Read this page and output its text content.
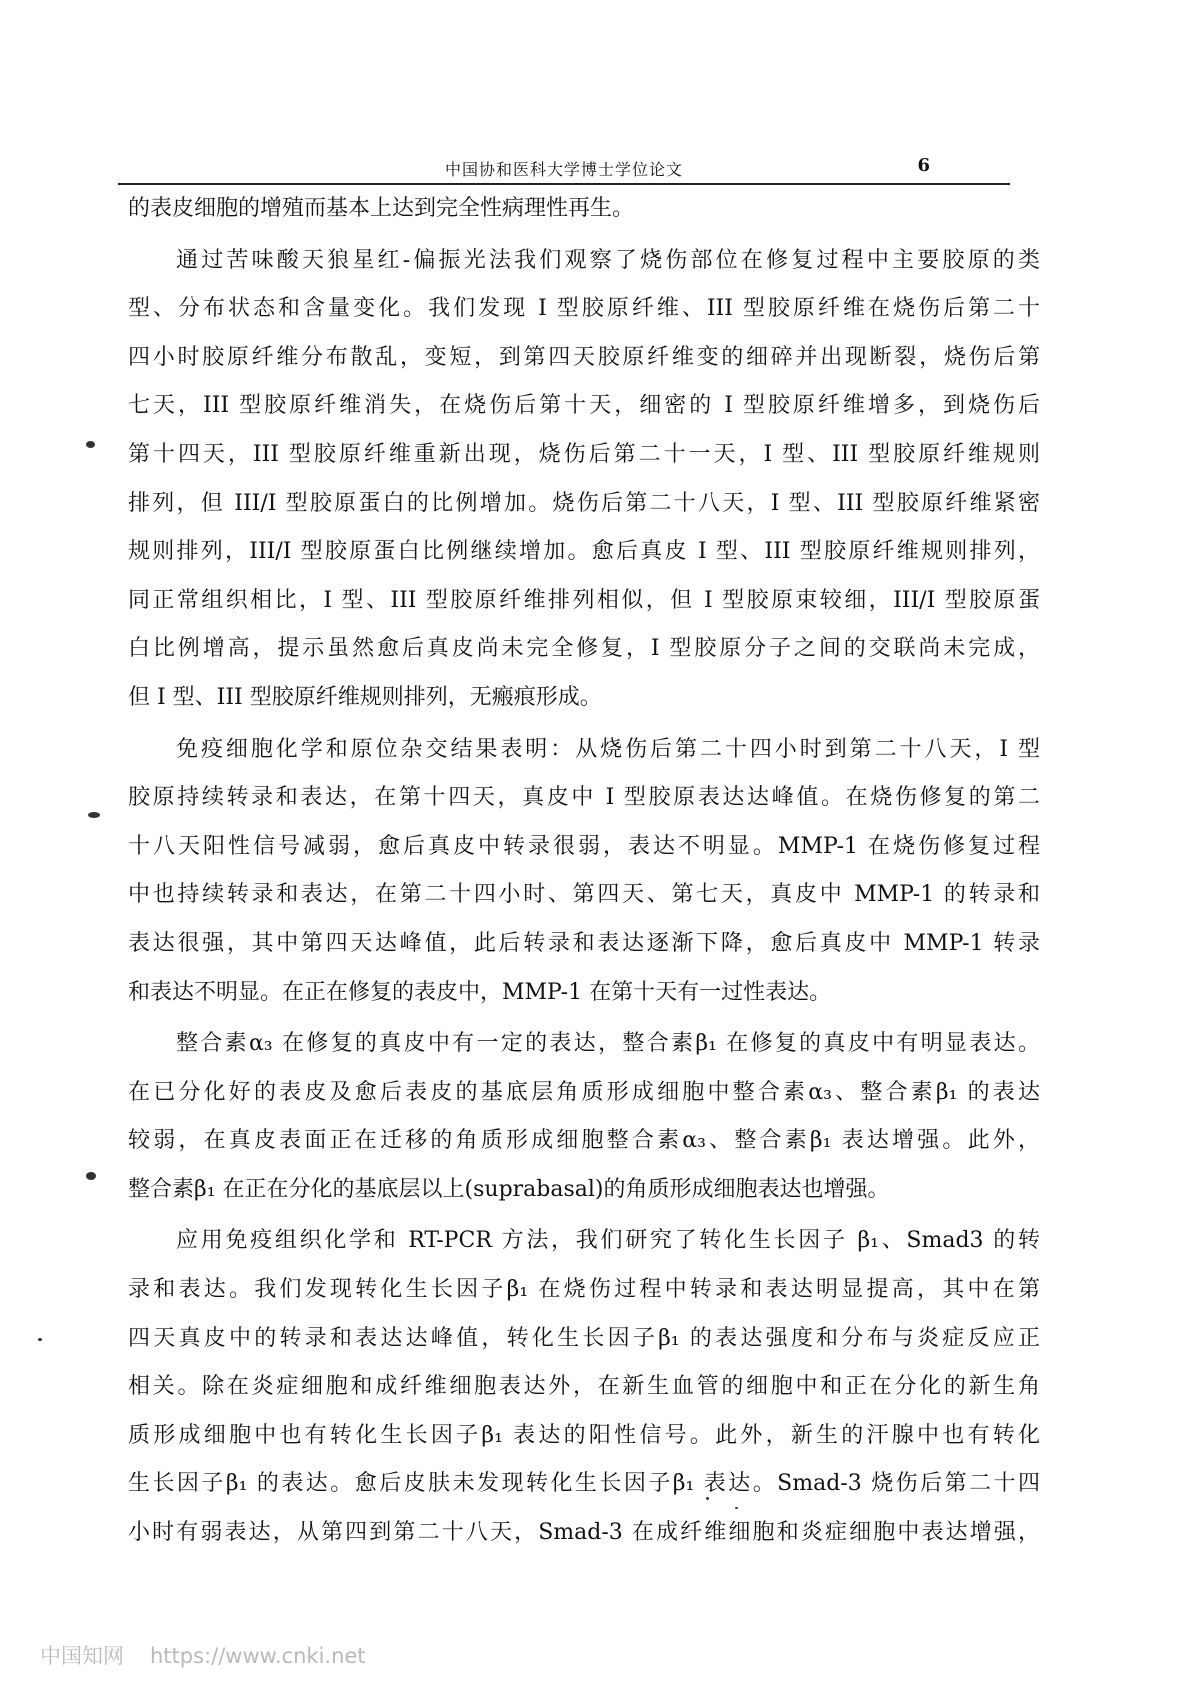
中国协和医科大学博士学位论文	6
的表皮细胞的增殖而基本上达到完全性病理性再生。
通过苦味酸天狼星红-偏振光法我们观察了烧伤部位在修复过程中主要胶原的类
型、分布状态和含量变化。我们发现 I 型胶原纤维、III 型胶原纤维在烧伤后第二十
四小时胶原纤维分布散乱，变短，到第四天胶原纤维变的细碎并出现断裂，烧伤后第
七天，III 型胶原纤维消失，在烧伤后第十天，细密的 I 型胶原纤维增多，到烧伤后
第十四天，III 型胶原纤维重新出现，烧伤后第二十一天，I 型、III 型胶原纤维规则
排列，但 III/I 型胶原蛋白的比例增加。烧伤后第二十八天，I 型、III 型胶原纤维紧密
规则排列，III/I 型胶原蛋白比例继续增加。愈后真皮 I 型、III 型胶原纤维规则排列，
同正常组织相比，I 型、III 型胶原纤维排列相似，但 I 型胶原束较细，III/I 型胶原蛋
白比例增高，提示虽然愈后真皮尚未完全修复，I 型胶原分子之间的交联尚未完成，
但 I 型、III 型胶原纤维规则排列，无瘢痕形成。
免疫细胞化学和原位杂交结果表明：从烧伤后第二十四小时到第二十八天，I 型
胶原持续转录和表达，在第十四天，真皮中 I 型胶原表达达峰值。在烧伤修复的第二
十八天阳性信号减弱，愈后真皮中转录很弱，表达不明显。MMP-1 在烧伤修复过程
中也持续转录和表达，在第二十四小时、第四天、第七天，真皮中 MMP-1 的转录和
表达很强，其中第四天达峰值，此后转录和表达逐渐下降，愈后真皮中 MMP-1 转录
和表达不明显。在正在修复的表皮中，MMP-1 在第十天有一过性表达。
整合素α₃ 在修复的真皮中有一定的表达，整合素β₁ 在修复的真皮中有明显表达。
在已分化好的表皮及愈后表皮的基底层角质形成细胞中整合素α₃、整合素β₁ 的表达
较弱，在真皮表面正在迁移的角质形成细胞整合素α₃、整合素β₁ 表达增强。此外，
整合素β₁ 在正在分化的基底层以上(suprabasal)的角质形成细胞表达也增强。
应用免疫组织化学和 RT-PCR 方法，我们研究了转化生长因子 β₁、Smad3 的转
录和表达。我们发现转化生长因子β₁ 在烧伤过程中转录和表达明显提高，其中在第
四天真皮中的转录和表达达峰值，转化生长因子β₁ 的表达强度和分布与炎症反应正
相关。除在炎症细胞和成纤维细胞表达外，在新生血管的细胞中和正在分化的新生角
质形成细胞中也有转化生长因子β₁ 表达的阳性信号。此外，新生的汗腺中也有转化
生长因子β₁ 的表达。愈后皮肤未发现转化生长因子β₁ 表达。Smad-3 烧伤后第二十四
小时有弱表达，从第四到第二十八天，Smad-3 在成纤维细胞和炎症细胞中表达增强，
中国知网 https://www.cnki.net
